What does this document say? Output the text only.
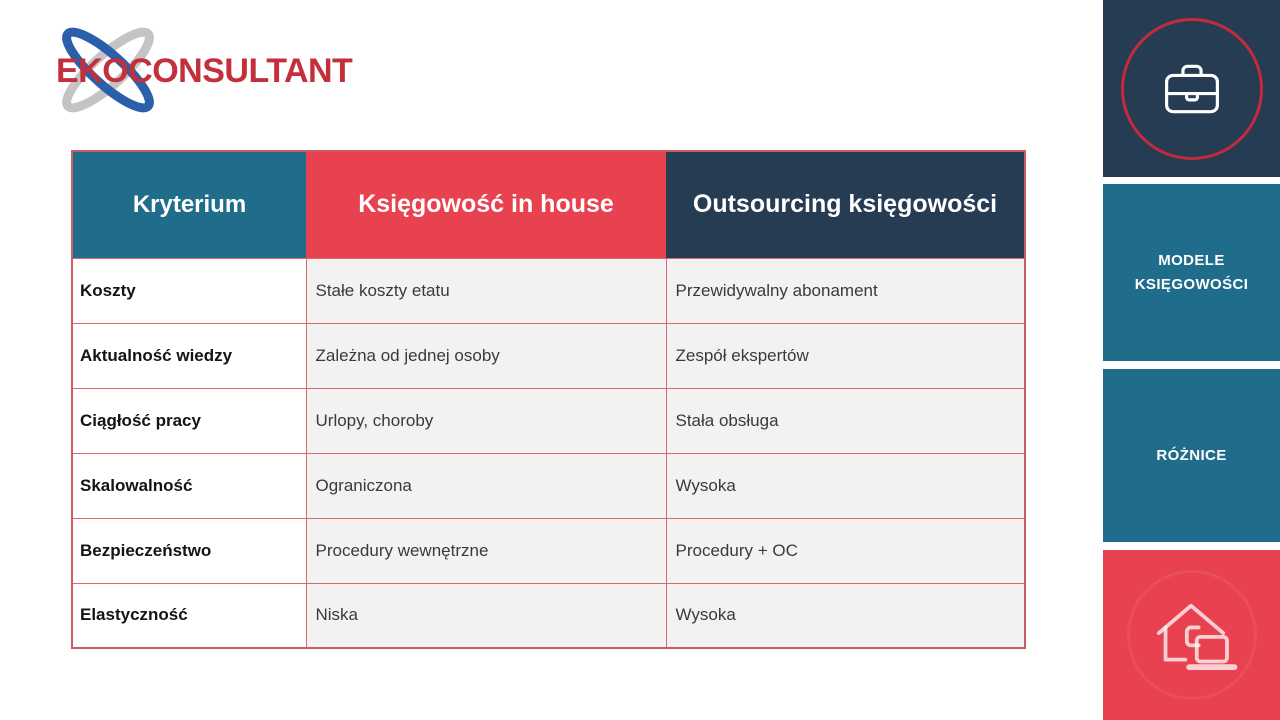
EKOCONSULTANT
Kryterium	Księgowość in house	Outsourcing księgowości
Koszty	Stałe koszty etatu	Przewidywalny abonament
Aktualność wiedzy	Zależna od jednej osoby	Zespół ekspertów
Ciągłość pracy	Urlopy, choroby	Stała obsługa
Skalowalność	Ograniczona	Wysoka
Bezpieczeństwo	Procedury wewnętrzne	Procedury + OC
Elastyczność	Niska	Wysoka
MODELE KSIĘGOWOŚCI
RÓŻNICE
